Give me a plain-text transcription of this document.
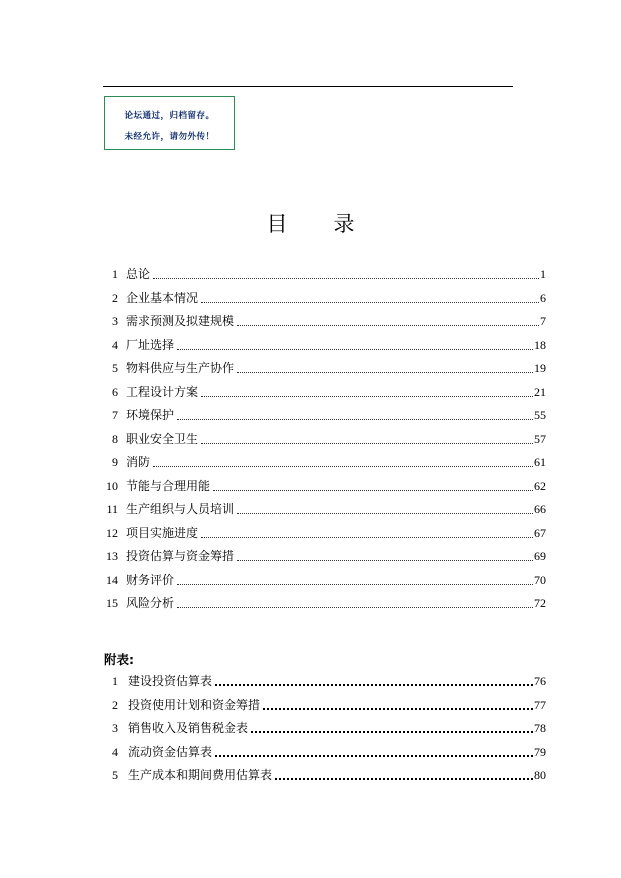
论坛通过，归档留存。
未经允许，请勿外传！
目录
1 总论	1
2 企业基本情况	6
3 需求预测及拟建规模	7
4 厂址选择	18
5 物料供应与生产协作	19
6 工程设计方案	21
7 环境保护	55
8 职业安全卫生	57
9 消防	61
10 节能与合理用能	62
11 生产组织与人员培训	66
12 项目实施进度	67
13 投资估算与资金筹措	69
14 财务评价	70
15 风险分析	72
附表:
1 建设投资估算表	76
2 投资使用计划和资金筹措	77
3 销售收入及销售税金表	78
4 流动资金估算表	79
5 生产成本和期间费用估算表	80
